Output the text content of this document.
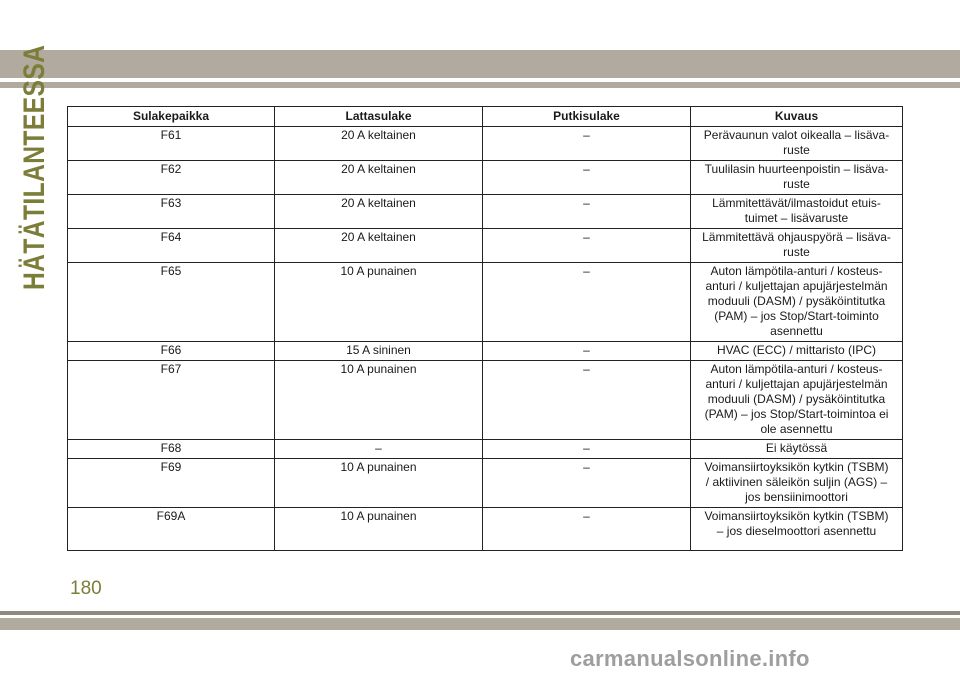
HÄTÄTILANTEESSA	Sulakepaikka	Lattasulake	Putkisulake	Kuvaus
F61	20 A keltainen	–	Perävaunun valot oikealla – lisäva-
ruste

F62	20 A keltainen	–	Tuulilasin huurteenpoistin – lisäva-
ruste

F63	20 A keltainen	–	Lämmitettävät/ilmastoidut etuis-
tuimet – lisävaruste

F64	20 A keltainen	–	Lämmitettävä ohjauspyörä – lisäva-
ruste

F65	10 A punainen	–	Auton lämpötila-anturi / kosteus-
anturi / kuljettajan apujärjestelmän
moduuli (DASM) / pysäköintitutka
(PAM) – jos Stop/Start-toiminto
asennettu

F66	15 A sininen	–	HVAC (ECC) / mittaristo (IPC)

F67	10 A punainen	–	Auton lämpötila-anturi / kosteus-
anturi / kuljettajan apujärjestelmän
moduuli (DASM) / pysäköintitutka
(PAM) – jos Stop/Start-toimintoa ei
ole asennettu

F68	–	–	Ei käytössä

F69	10 A punainen	–	Voimansiirtoyksikön kytkin (TSBM)
/ aktiivinen säleikön suljin (AGS) –
jos bensiinimoottori

F69A	10 A punainen	–	Voimansiirtoyksikön kytkin (TSBM)
– jos dieselmoottori asennettu
180
carmanualsonline.info
